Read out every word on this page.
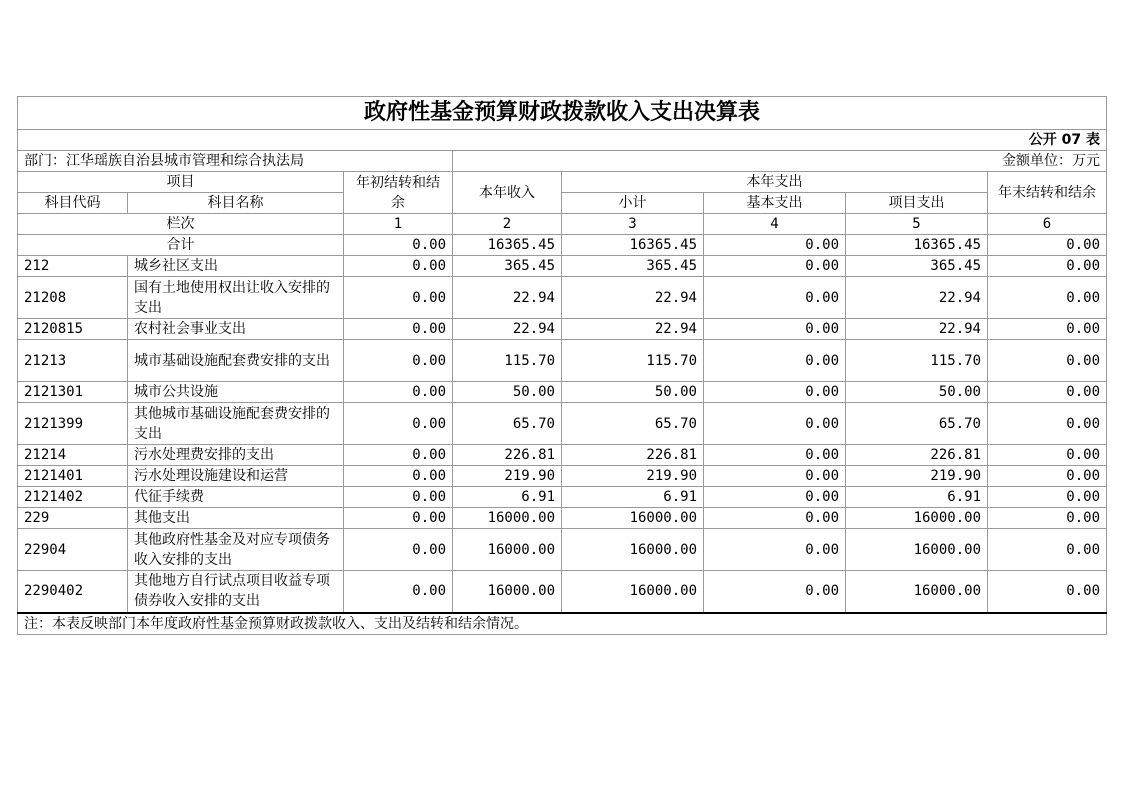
政府性基金预算财政拨款收入支出决算表							
公开 07 表							
部门：江华瑶族自治县城市管理和综合执法局			金额单位：万元				
项目		年初结转和结余	本年收入	本年支出			年末结转和结余
科目代码	科目名称			小计	基本支出	项目支出	
栏次		1	2	3	4	5	6
合计		0.00	16365.45	16365.45	0.00	16365.45	0.00
212	城乡社区支出	0.00	365.45	365.45	0.00	365.45	0.00
21208	国有土地使用权出让收入安排的支出	0.00	22.94	22.94	0.00	22.94	0.00
2120815	农村社会事业支出	0.00	22.94	22.94	0.00	22.94	0.00
21213	城市基础设施配套费安排的支出	0.00	115.70	115.70	0.00	115.70	0.00
2121301	城市公共设施	0.00	50.00	50.00	0.00	50.00	0.00
2121399	其他城市基础设施配套费安排的支出	0.00	65.70	65.70	0.00	65.70	0.00
21214	污水处理费安排的支出	0.00	226.81	226.81	0.00	226.81	0.00
2121401	污水处理设施建设和运营	0.00	219.90	219.90	0.00	219.90	0.00
2121402	代征手续费	0.00	6.91	6.91	0.00	6.91	0.00
229	其他支出	0.00	16000.00	16000.00	0.00	16000.00	0.00
22904	其他政府性基金及对应专项债务收入安排的支出	0.00	16000.00	16000.00	0.00	16000.00	0.00
2290402	其他地方自行试点项目收益专项债券收入安排的支出	0.00	16000.00	16000.00	0.00	16000.00	0.00
注：本表反映部门本年度政府性基金预算财政拨款收入、支出及结转和结余情况。							
